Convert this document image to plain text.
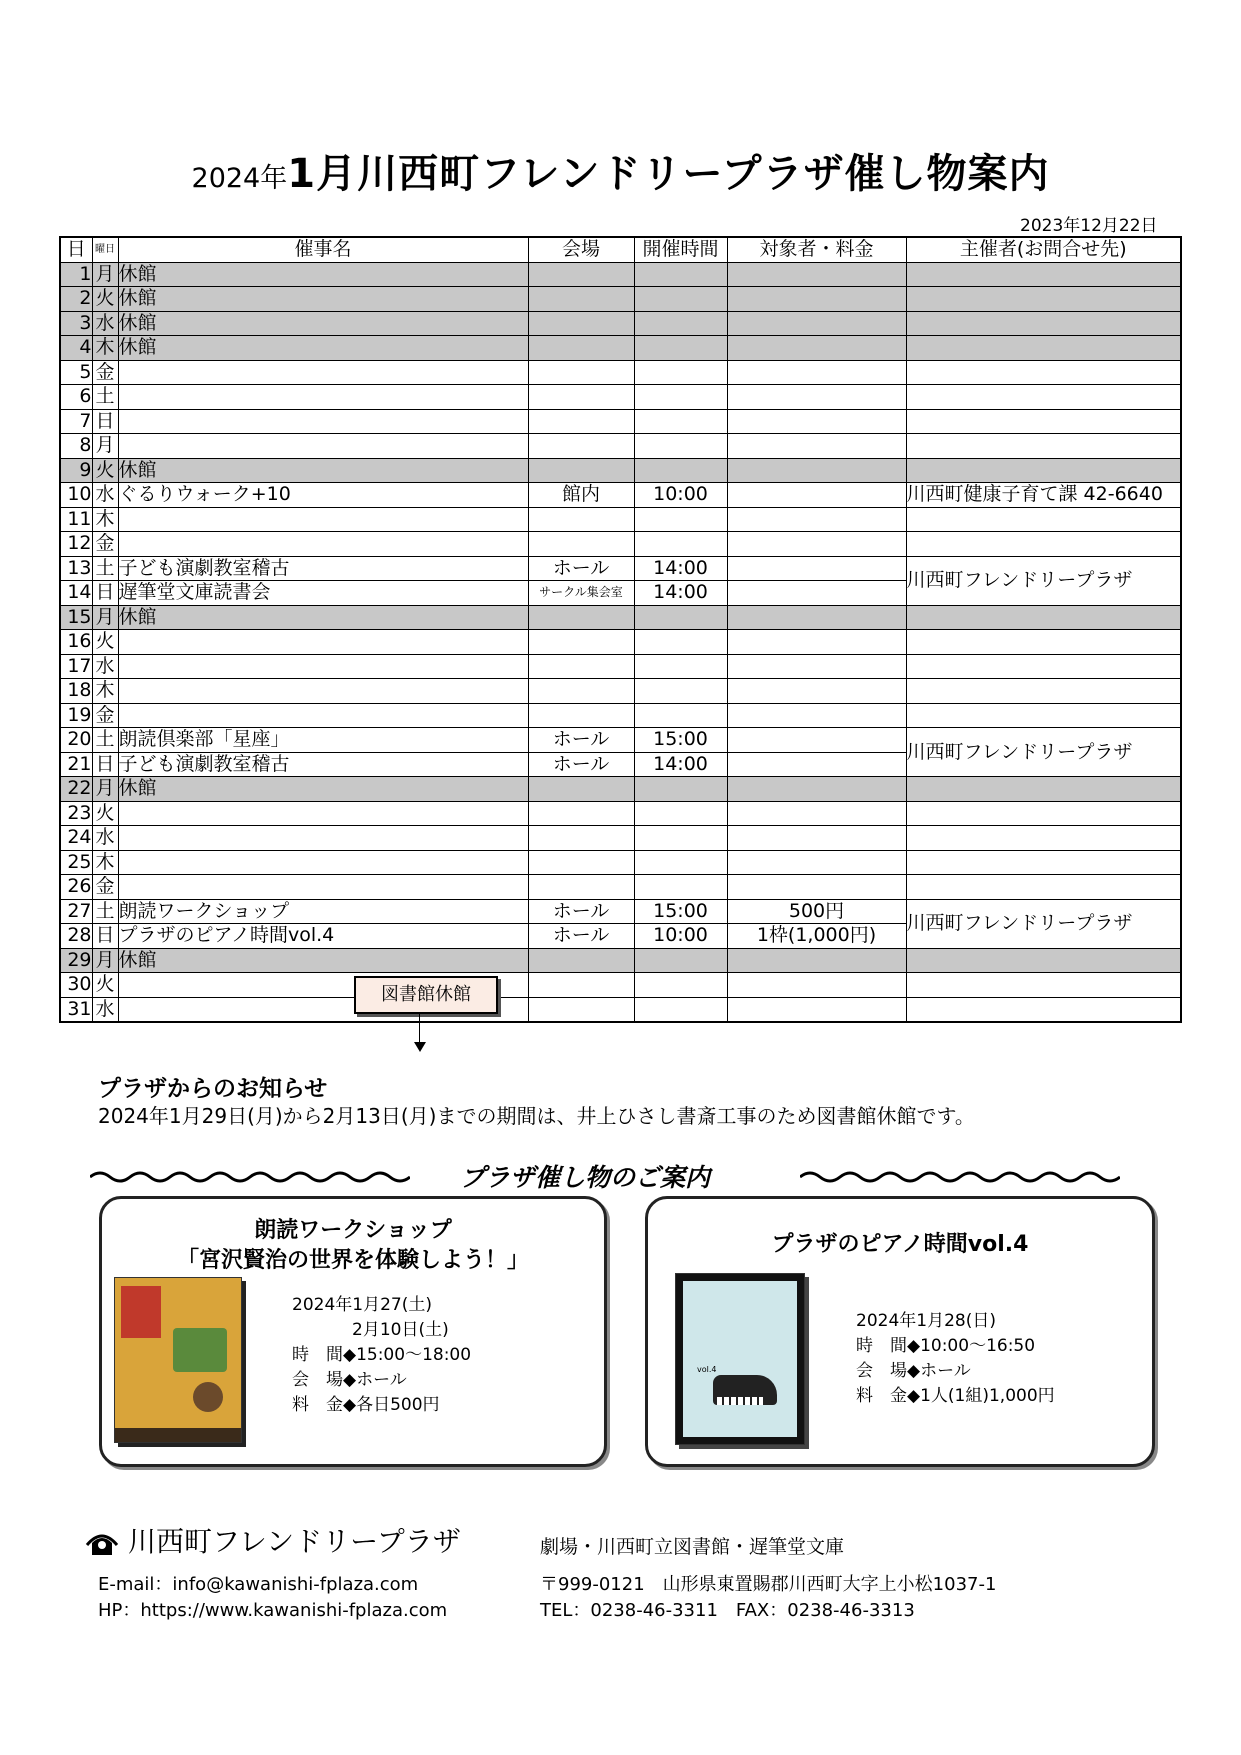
2024年1月川西町フレンドリープラザ催し物案内
2023年12月22日
日	曜日	催事名	会場	開催時間	対象者・料金	主催者(お問合せ先)
1	月	休館				
2	火	休館				
3	水	休館				
4	木	休館				
5	金					
6	土					
7	日					
8	月					
9	火	休館				
10	水	ぐるりウォーク+10	館内	10:00		川西町健康子育て課 42-6640
11	木					
12	金					
13	土	子ども演劇教室稽古	ホール	14:00		川西町フレンドリープラザ
14	日	遅筆堂文庫読書会	サークル集会室	14:00		
15	月	休館				
16	火					
17	水					
18	木					
19	金					
20	土	朗読倶楽部「星座」	ホール	15:00		川西町フレンドリープラザ
21	日	子ども演劇教室稽古	ホール	14:00		
22	月	休館				
23	火					
24	水					
25	木					
26	金					
27	土	朗読ワークショップ	ホール	15:00	500円	川西町フレンドリープラザ
28	日	プラザのピアノ時間vol.4	ホール	10:00	1枠(1,000円)	
29	月	休館				
30	火					
31	水					
図書館休館
プラザからのお知らせ
2024年1月29日(月)から2月13日(月)までの期間は、井上ひさし書斎工事のため図書館休館です。
プラザ催し物のご案内
朗読ワークショップ
「宮沢賢治の世界を体験しよう！」
2024年1月27(土)
2月10日(土)
時　間◆15:00～18:00
会　場◆ホール
料　金◆各日500円
プラザのピアノ時間vol.4
vol.4
2024年1月28(日)
時　間◆10:00～16:50
会　場◆ホール
料　金◆1人(1組)1,000円
川西町フレンドリープラザ	劇場・川西町立図書館・遅筆堂文庫
E-mail：info@kawanishi-fplaza.com
HP：https://www.kawanishi-fplaza.com
〒999-0121　山形県東置賜郡川西町大字上小松1037-1
TEL：0238-46-3311　FAX：0238-46-3313
